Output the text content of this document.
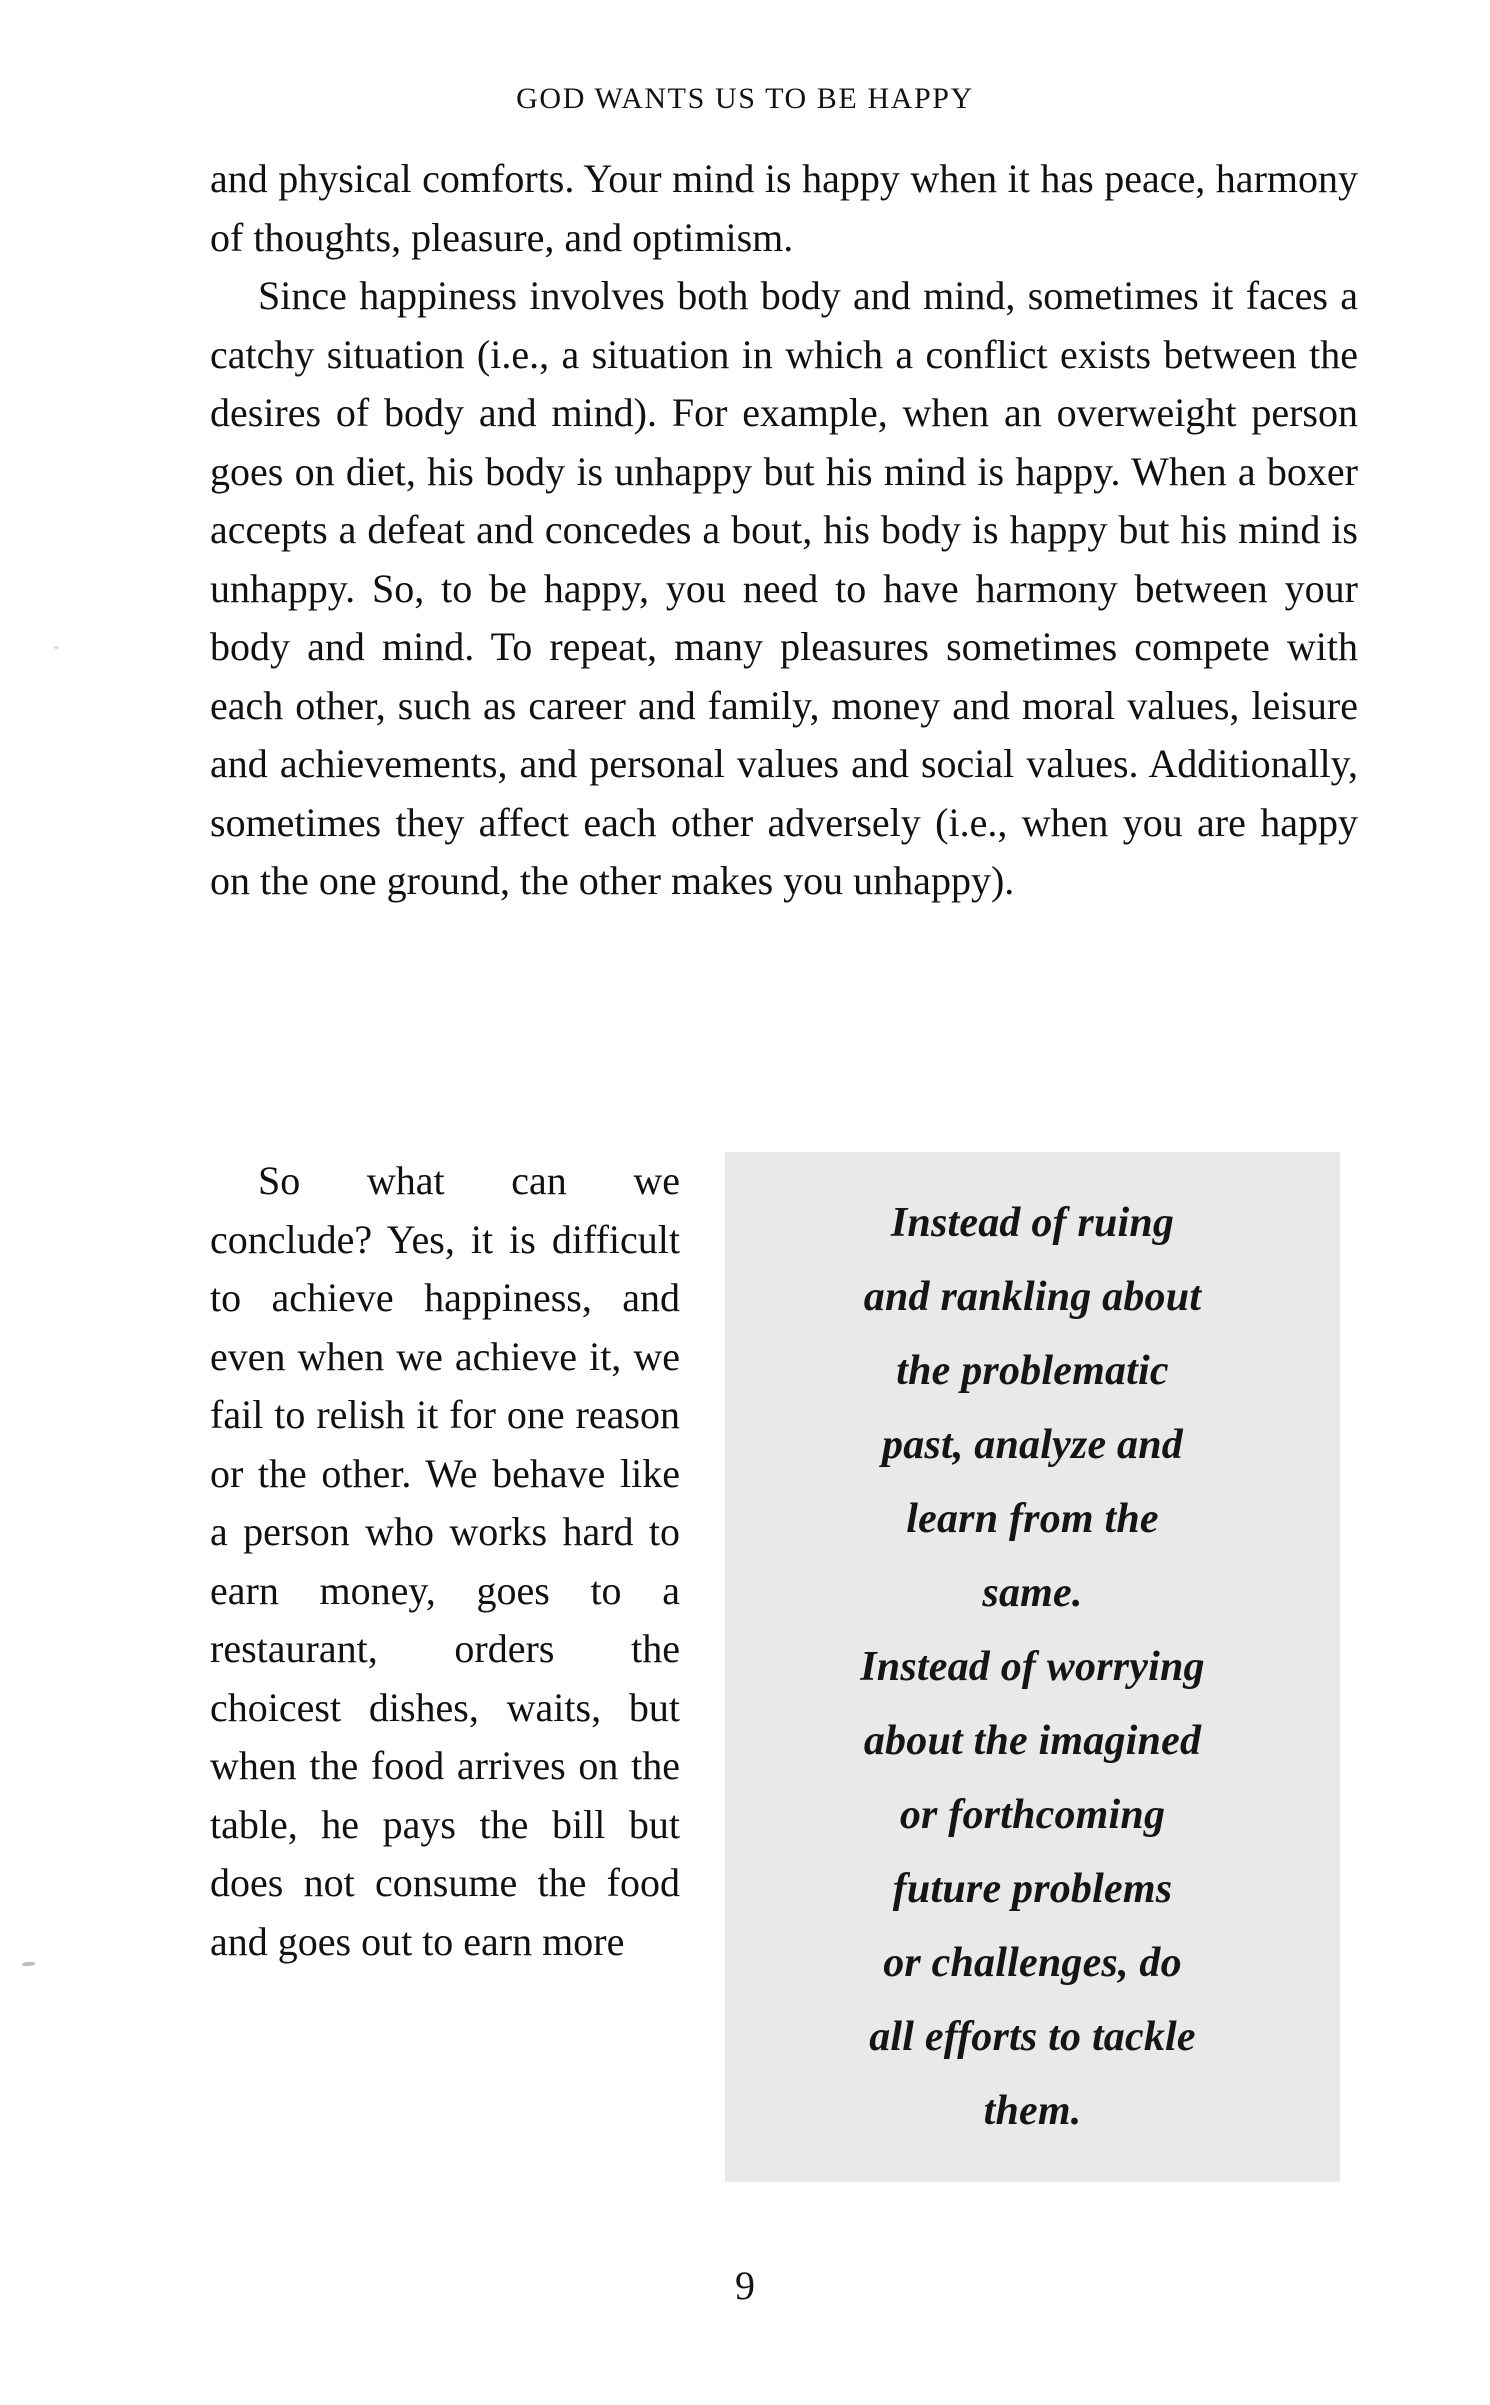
GOD WANTS US TO BE HAPPY

and physical comforts. Your mind is happy when it has peace, harmony of thoughts, pleasure, and optimism.

Since happiness involves both body and mind, sometimes it faces a catchy situation (i.e., a situation in which a conflict exists between the desires of body and mind). For example, when an overweight person goes on diet, his body is unhappy but his mind is happy. When a boxer accepts a defeat and concedes a bout, his body is happy but his mind is unhappy. So, to be happy, you need to have harmony between your body and mind. To repeat, many pleasures sometimes compete with each other, such as career and family, money and moral values, leisure and achievements, and personal values and social values. Additionally, sometimes they affect each other adversely (i.e., when you are happy on the one ground, the other makes you unhappy).

Instead of ruing
and rankling about
the problematic
past, analyze and
learn from the
same.
Instead of worrying
about the imagined
or forthcoming
future problems
or challenges, do
all efforts to tackle
them.

So what can we conclude? Yes, it is difficult to achieve happiness, and even when we achieve it, we fail to relish it for one reason or the other. We behave like a person who works hard to earn money, goes to a restaurant, orders the choicest dishes, waits, but when the food arrives on the table, he pays the bill but does not consume the food and goes out to earn more

9
